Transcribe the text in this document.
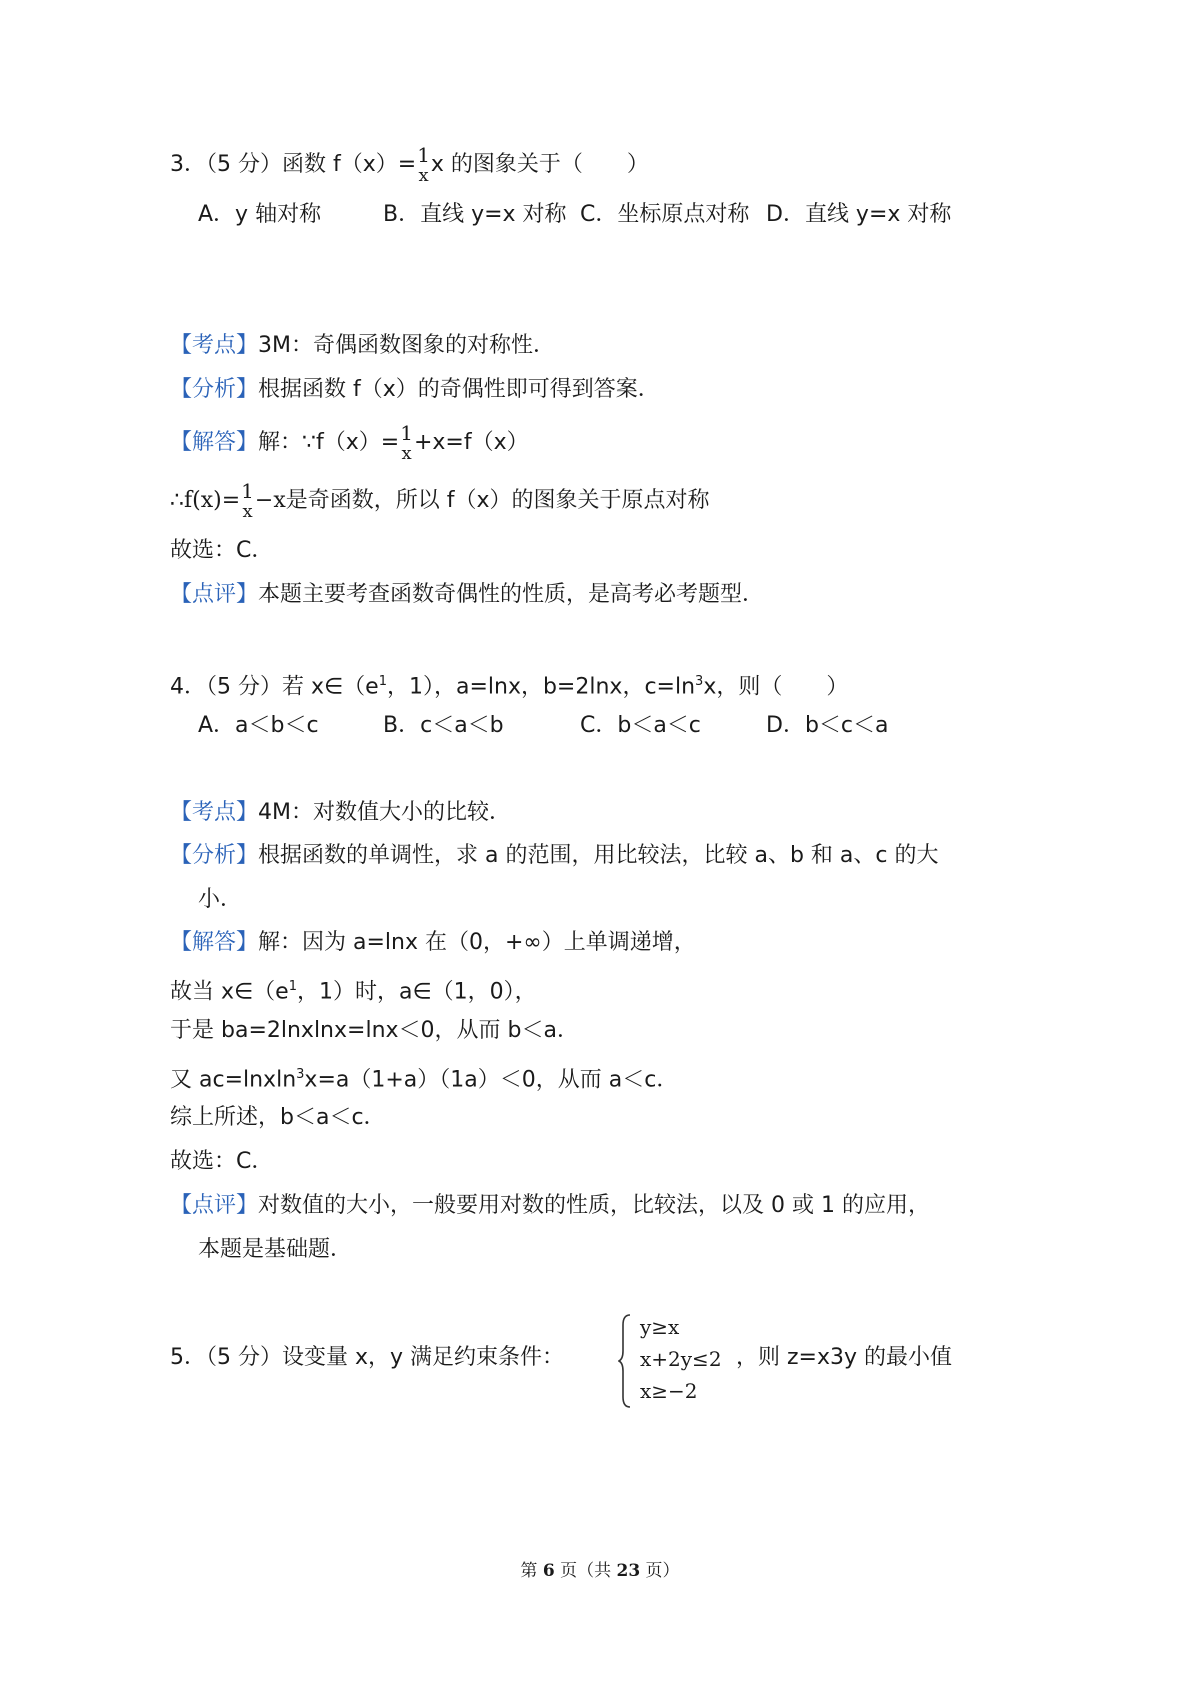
3．（5 分）函数 f（x）= 1
x x 的图象关于（　　）
A．y 轴对称	B．直线 y=x 对称 C．坐标原点对称 D．直线 y=x 对称
【考点】3M：奇偶函数图象的对称性．
【分析】根据函数 f（x）的奇偶性即可得到答案．
【解答】解：∵f（x）= 1
x +x=f（x）
∴f(x)= 1
x −x是奇函数，所以 f（x）的图象关于原点对称
故选：C．
【点评】本题主要考查函数奇偶性的性质，是高考必考题型．
4．（5 分）若 $x\in(e^1$，1），a=lnx，b=2lnx，$c=\ln^3x$，则（　　）
A．a＜b＜c	B．c＜a＜b	C．b＜a＜c	D．b＜c＜a
【考点】4M：对数值大小的比较．
【分析】根据函数的单调性，求 a 的范围，用比较法，比较 a、b 和 a、c 的大
小．
【解答】解：因为 a=lnx 在（0，+∞）上单调递增，
故当 $x\in(e^1$，1）时，a∈（1，0），
于是 ba=2lnxlnx=lnx＜0，从而 b＜a．
又 ac=lnxln$^3$x=a（1+a）（1a）＜0，从而 a＜c．
综上所述，b＜a＜c．
故选：C．
【点评】对数值的大小，一般要用对数的性质，比较法，以及 0 或 1 的应用，
本题是基础题．
5．（5 分）设变量 x，y 满足约束条件：
y≥x
x+2y≤2
x≥−2
，则 z=x3y 的最小值
第 6 页（共 23 页）
